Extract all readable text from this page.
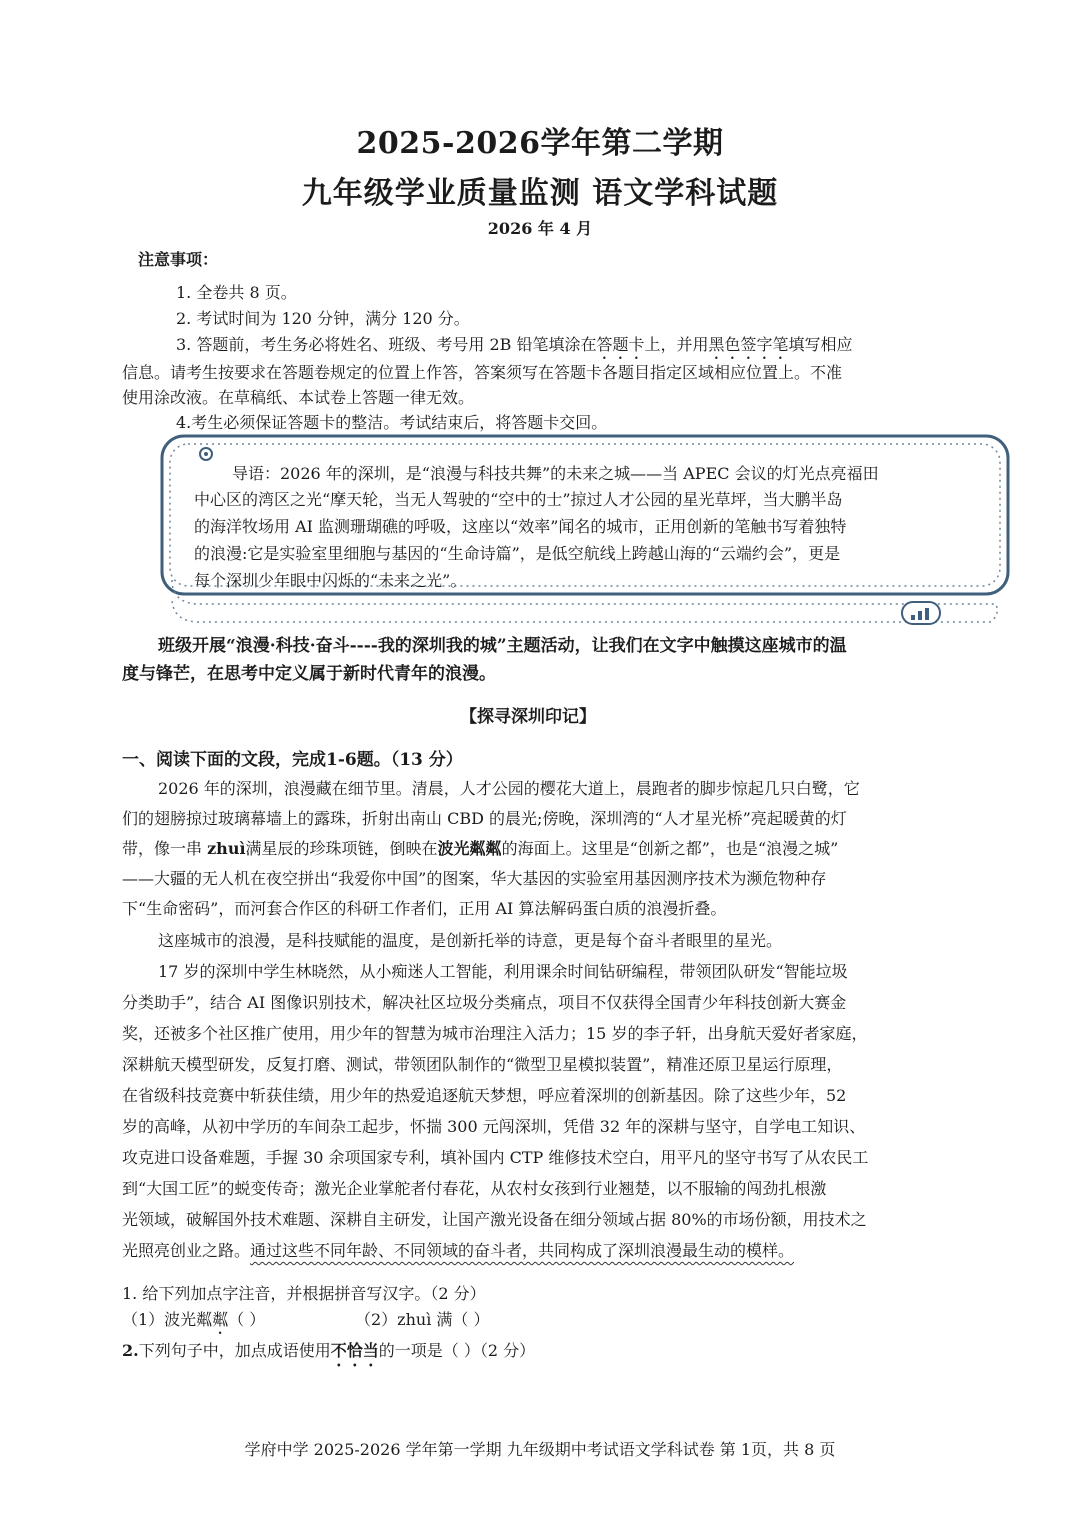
2025-2026学年第二学期
九年级学业质量监测 语文学科试题
2026 年 4 月
注意事项：
1. 全卷共 8 页。
2. 考试时间为 120 分钟，满分 120 分。
3. 答题前，考生务必将姓名、班级、考号用 2B 铅笔填涂在答题卡上，并用黑色签字笔填写相应
信息。请考生按要求在答题卷规定的位置上作答，答案须写在答题卡各题目指定区域相应位置上。不准
使用涂改液。在草稿纸、本试卷上答题一律无效。
4.考生必须保证答题卡的整洁。考试结束后，将答题卡交回。
导语：2026 年的深圳，是“浪漫与科技共舞”的未来之城——当 APEC 会议的灯光点亮福田
中心区的湾区之光“摩天轮，当无人驾驶的“空中的士”掠过人才公园的星光草坪，当大鹏半岛
的海洋牧场用 AI 监测珊瑚礁的呼吸，这座以“效率”闻名的城市，正用创新的笔触书写着独特
的浪漫:它是实验室里细胞与基因的“生命诗篇”，是低空航线上跨越山海的“云端约会”，更是
每个深圳少年眼中闪烁的“未来之光”。
班级开展“浪漫·科技·奋斗----我的深圳我的城”主题活动，让我们在文字中触摸这座城市的温
度与锋芒，在思考中定义属于新时代青年的浪漫。
【探寻深圳印记】
一、阅读下面的文段，完成1-6题。（13 分）
2026 年的深圳，浪漫藏在细节里。清晨，人才公园的樱花大道上，晨跑者的脚步惊起几只白鹭，它
们的翅膀掠过玻璃幕墙上的露珠，折射出南山 CBD 的晨光;傍晚，深圳湾的“人才星光桥”亮起暖黄的灯
带，像一串 zhuì满星辰的珍珠项链，倒映在波光粼粼的海面上。这里是“创新之都”，也是“浪漫之城”
——大疆的无人机在夜空拼出“我爱你中国”的图案，华大基因的实验室用基因测序技术为濒危物种存
下“生命密码”，而河套合作区的科研工作者们，正用 AI 算法解码蛋白质的浪漫折叠。
这座城市的浪漫，是科技赋能的温度，是创新托举的诗意，更是每个奋斗者眼里的星光。
17 岁的深圳中学生林晓然，从小痴迷人工智能，利用课余时间钻研编程，带领团队研发“智能垃圾
分类助手”，结合 AI 图像识别技术，解决社区垃圾分类痛点，项目不仅获得全国青少年科技创新大赛金
奖，还被多个社区推广使用，用少年的智慧为城市治理注入活力；15 岁的李子轩，出身航天爱好者家庭，
深耕航天模型研发，反复打磨、测试，带领团队制作的“微型卫星模拟装置”，精准还原卫星运行原理，
在省级科技竞赛中斩获佳绩，用少年的热爱追逐航天梦想，呼应着深圳的创新基因。除了这些少年，52
岁的高峰，从初中学历的车间杂工起步，怀揣 300 元闯深圳，凭借 32 年的深耕与坚守，自学电工知识、
攻克进口设备难题，手握 30 余项国家专利，填补国内 CTP 维修技术空白，用平凡的坚守书写了从农民工
到“大国工匠”的蜕变传奇；激光企业掌舵者付春花，从农村女孩到行业翘楚，以不服输的闯劲扎根激
光领域，破解国外技术难题、深耕自主研发，让国产激光设备在细分领域占据 80%的市场份额，用技术之
光照亮创业之路。通过这些不同年龄、不同领域的奋斗者，共同构成了深圳浪漫最生动的模样。
1. 给下列加点字注音，并根据拼音写汉字。（2 分）
（1）波光粼粼（ ）	（2）zhuì 满（ ）
2.下列句子中，加点成语使用不恰当的一项是（ ）（2 分）
学府中学 2025-2026 学年第一学期 九年级期中考试语文学科试卷 第 1页，共 8 页
